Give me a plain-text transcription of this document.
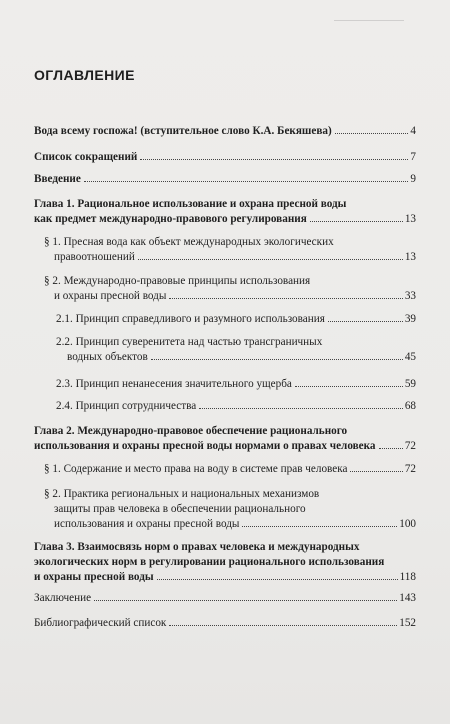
ОГЛАВЛЕНИЕ
Вода всему госпожа! (вступительное слово К.А. Бекяшева)	4
Список сокращений	7
Введение	9
Глава 1. Рациональное использование и охрана пресной воды
как предмет международно-правового регулирования	13
§ 1. Пресная вода как объект международных экологических
правоотношений	13
§ 2. Международно-правовые принципы использования
и охраны пресной воды	33
2.1. Принцип справедливого и разумного использования	39
2.2. Принцип суверенитета над частью трансграничных
водных объектов	45
2.3. Принцип ненанесения значительного ущерба	59
2.4. Принцип сотрудничества	68
Глава 2. Международно-правовое обеспечение рационального
использования и охраны пресной воды нормами о правах человека	72
§ 1. Содержание и место права на воду в системе прав человека	72
§ 2. Практика региональных и национальных механизмов
защиты прав человека в обеспечении рационального
использования и охраны пресной воды	100
Глава 3. Взаимосвязь норм о правах человека и международных
экологических норм в регулировании рационального использования
и охраны пресной воды	118
Заключение	143
Библиографический список	152
